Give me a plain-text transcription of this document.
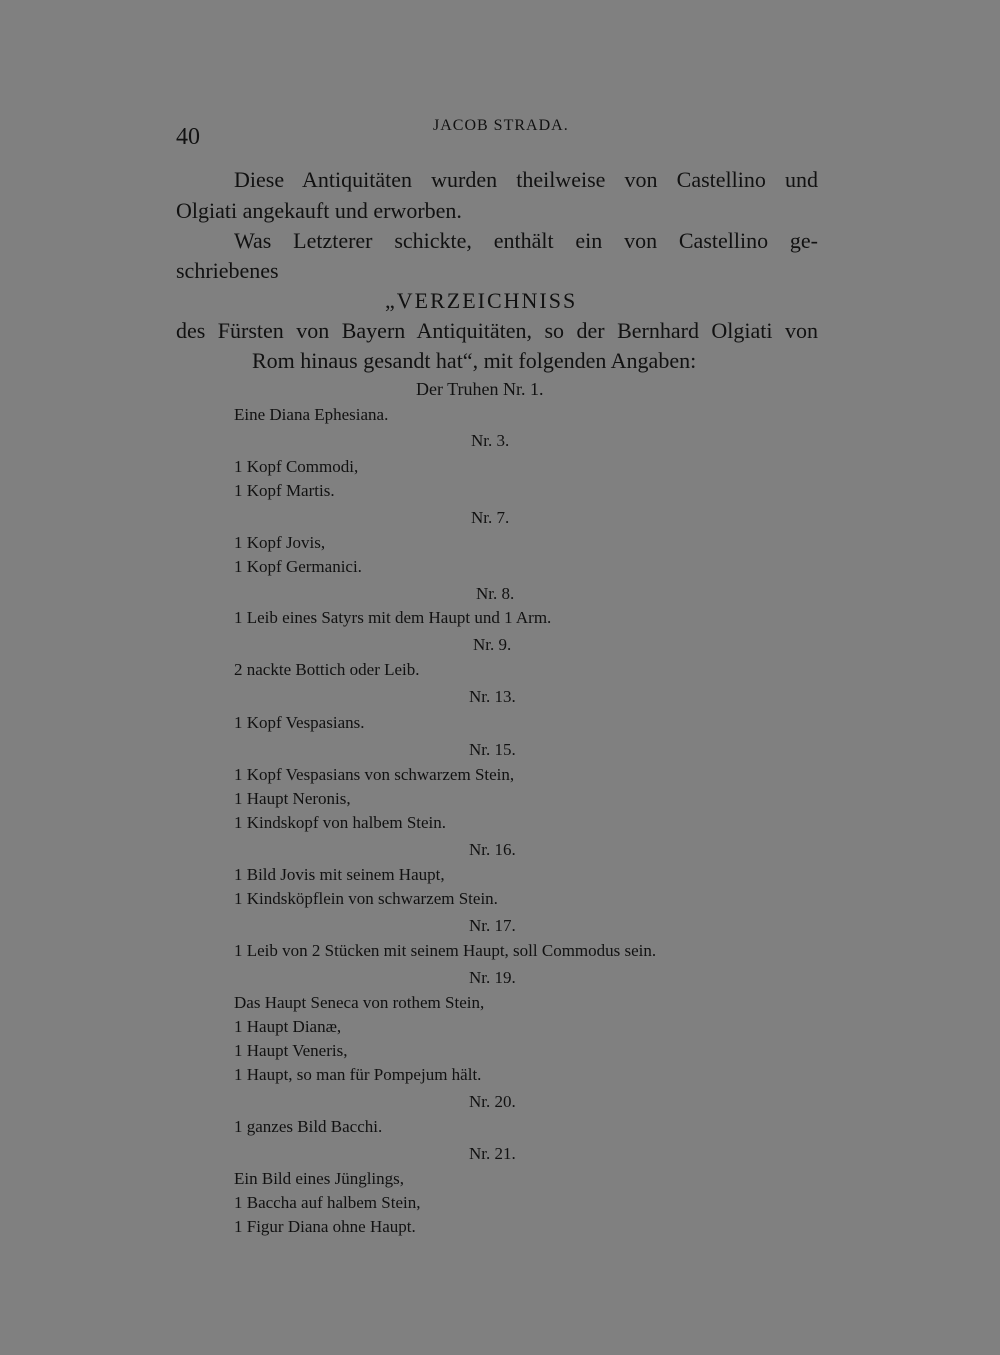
40	JACOB STRADA.
Diese Antiquitäten wurden theilweise von Castellino und
Olgiati angekauft und erworben.
Was Letzterer schickte, enthält ein von Castellino ge-
schriebenes
„VERZEICHNISS
des Fürsten von Bayern Antiquitäten, so der Bernhard Olgiati von
Rom hinaus gesandt hat“, mit folgenden Angaben:
Der Truhen Nr. 1.
Eine Diana Ephesiana.
Nr. 3.
1 Kopf Commodi,
1 Kopf Martis.
Nr. 7.
1 Kopf Jovis,
1 Kopf Germanici.
Nr. 8.
1 Leib eines Satyrs mit dem Haupt und 1 Arm.
Nr. 9.
2 nackte Bottich oder Leib.
Nr. 13.
1 Kopf Vespasians.
Nr. 15.
1 Kopf Vespasians von schwarzem Stein,
1 Haupt Neronis,
1 Kindskopf von halbem Stein.
Nr. 16.
1 Bild Jovis mit seinem Haupt,
1 Kindsköpflein von schwarzem Stein.
Nr. 17.
1 Leib von 2 Stücken mit seinem Haupt, soll Commodus sein.
Nr. 19.
Das Haupt Seneca von rothem Stein,
1 Haupt Dianæ,
1 Haupt Veneris,
1 Haupt, so man für Pompejum hält.
Nr. 20.
1 ganzes Bild Bacchi.
Nr. 21.
Ein Bild eines Jünglings,
1 Baccha auf halbem Stein,
1 Figur Diana ohne Haupt.
